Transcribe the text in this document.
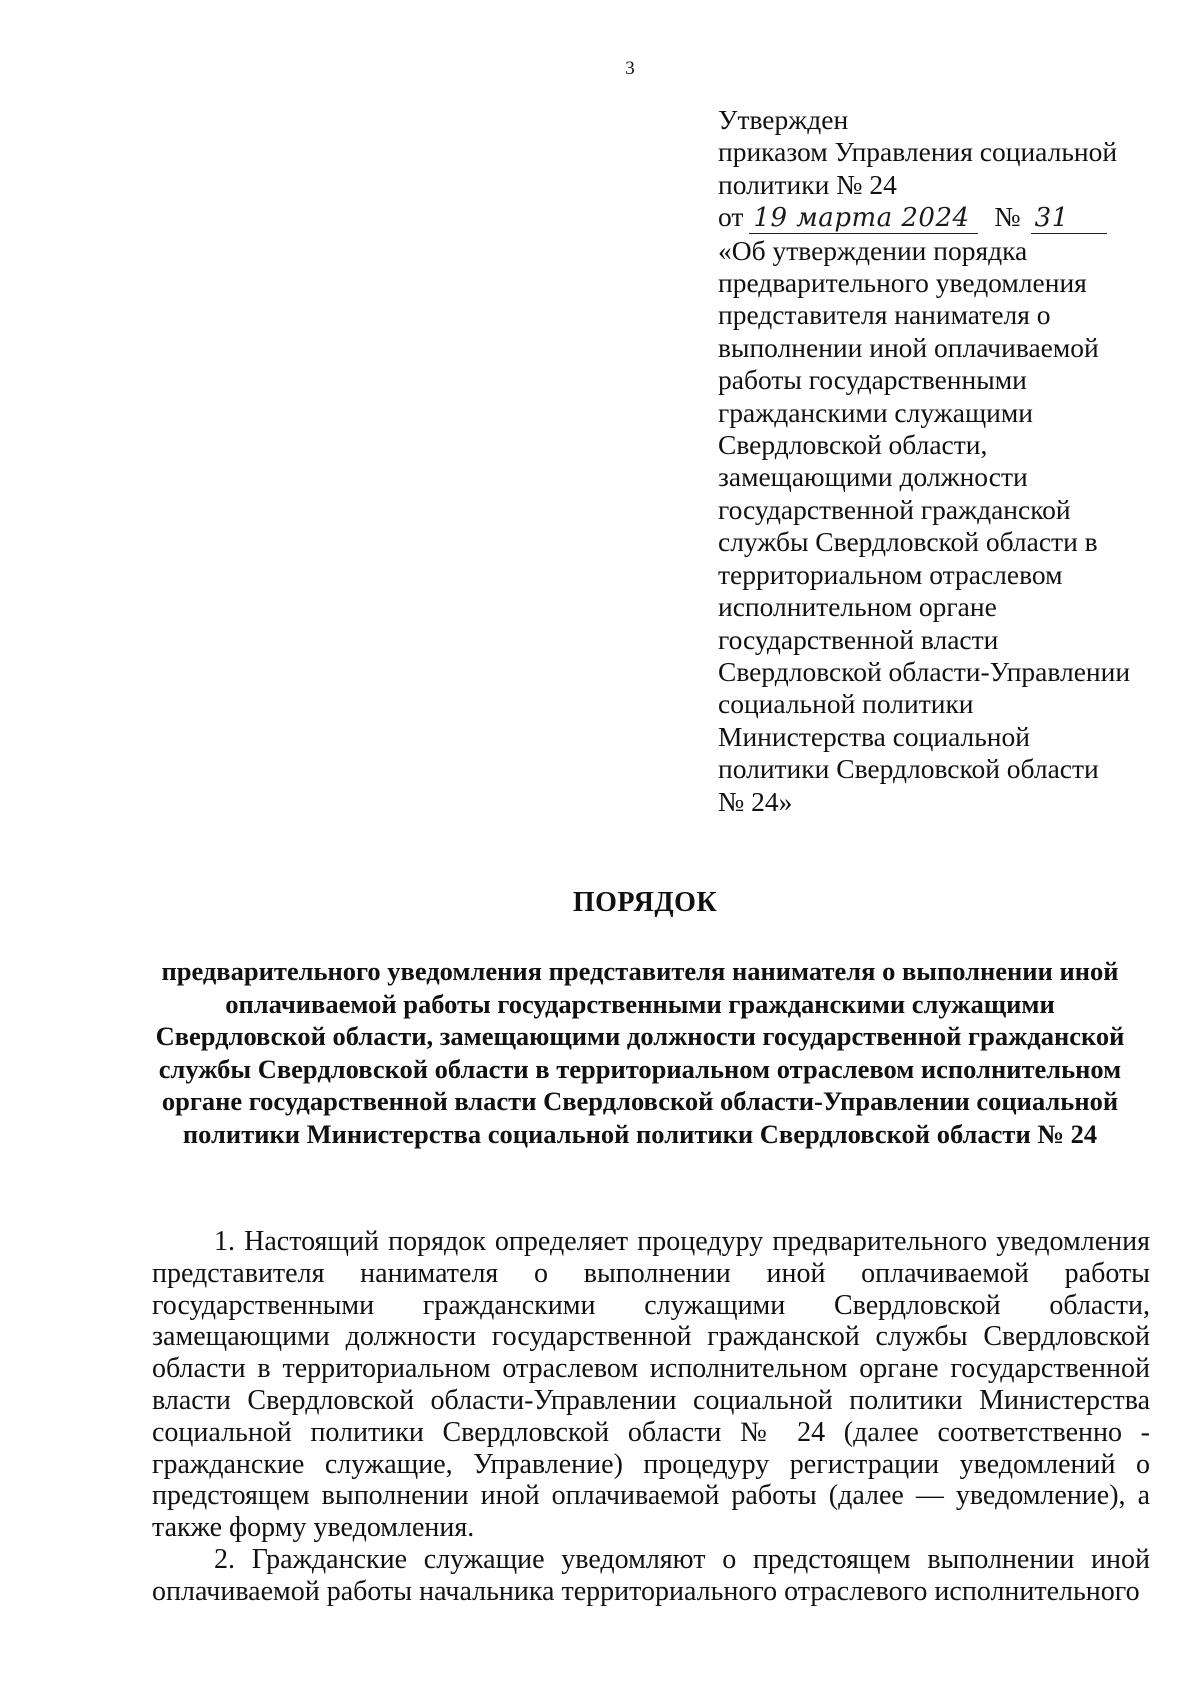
3
Утвержден
приказом Управления социальной
политики № 24
от 19 марта 2024 № 31
«Об утверждении порядка
предварительного уведомления
представителя нанимателя о
выполнении иной оплачиваемой
работы государственными
гражданскими служащими
Свердловской области,
замещающими должности
государственной гражданской
службы Свердловской области в
территориальном отраслевом
исполнительном органе
государственной власти
Свердловской области-Управлении
социальной политики
Министерства социальной
политики Свердловской области
№ 24»
ПОРЯДОК
предварительного уведомления представителя нанимателя о выполнении иной оплачиваемой работы государственными гражданскими служащими Свердловской области, замещающими должности государственной гражданской службы Свердловской области в территориальном отраслевом исполнительном органе государственной власти Свердловской области-Управлении социальной политики Министерства социальной политики Свердловской области № 24

1. Настоящий порядок определяет процедуру предварительного уведомления представителя нанимателя о выполнении иной оплачиваемой работы государственными гражданскими служащими Свердловской области, замещающими должности государственной гражданской службы Свердловской области в территориальном отраслевом исполнительном органе государственной власти Свердловской области-Управлении социальной политики Министерства социальной политики Свердловской области № 24 (далее соответственно - гражданские служащие, Управление) процедуру регистрации уведомлений о предстоящем выполнении иной оплачиваемой работы (далее — уведомление), а также форму уведомления.

2. Гражданские служащие уведомляют о предстоящем выполнении иной оплачиваемой работы начальника территориального отраслевого исполнительного
